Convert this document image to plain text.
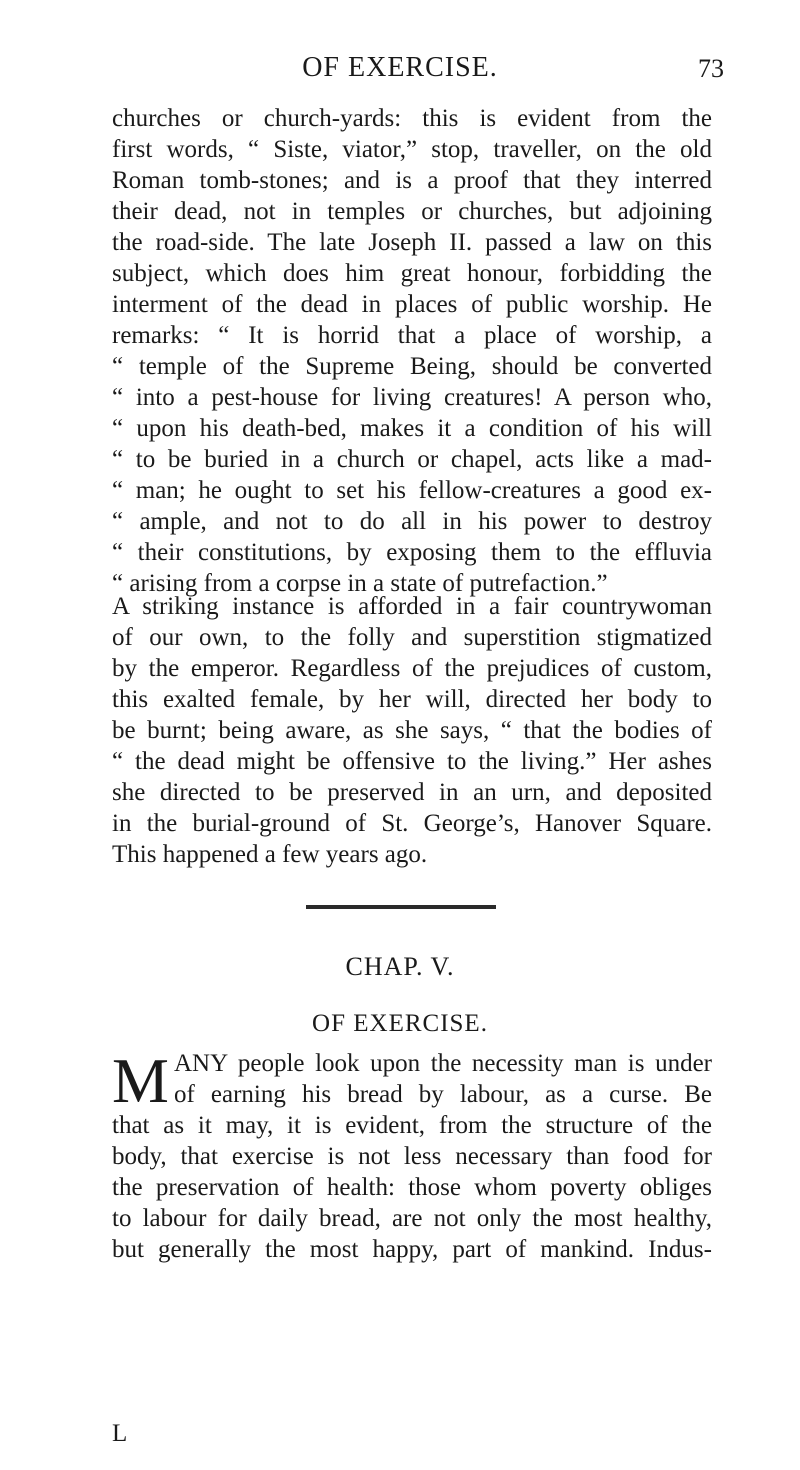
OF EXERCISE.	73
churches or church-yards: this is evident from the
first words, “ Siste, viator,” stop, traveller, on the old
Roman tomb-stones; and is a proof that they interred
their dead, not in temples or churches, but adjoining
the road-side. The late Joseph II. passed a law on this
subject, which does him great honour, forbidding the
interment of the dead in places of public worship. He
remarks: “ It is horrid that a place of worship, a
“ temple of the Supreme Being, should be converted
“ into a pest-house for living creatures! A person who,
“ upon his death-bed, makes it a condition of his will
“ to be buried in a church or chapel, acts like a mad-
“ man; he ought to set his fellow-creatures a good ex-
“ ample, and not to do all in his power to destroy
“ their constitutions, by exposing them to the effluvia
“ arising from a corpse in a state of putrefaction.”
A striking instance is afforded in a fair countrywoman
of our own, to the folly and superstition stigmatized
by the emperor. Regardless of the prejudices of custom,
this exalted female, by her will, directed her body to
be burnt; being aware, as she says, “ that the bodies of
“ the dead might be offensive to the living.” Her ashes
she directed to be preserved in an urn, and deposited
in the burial-ground of St. George’s, Hanover Square.
This happened a few years ago.
CHAP. V.
OF EXERCISE.
M ANY people look upon the necessity man is under
of earning his bread by labour, as a curse. Be
that as it may, it is evident, from the structure of the
body, that exercise is not less necessary than food for
the preservation of health: those whom poverty obliges
to labour for daily bread, are not only the most healthy,
but generally the most happy, part of mankind. Indus-
L
